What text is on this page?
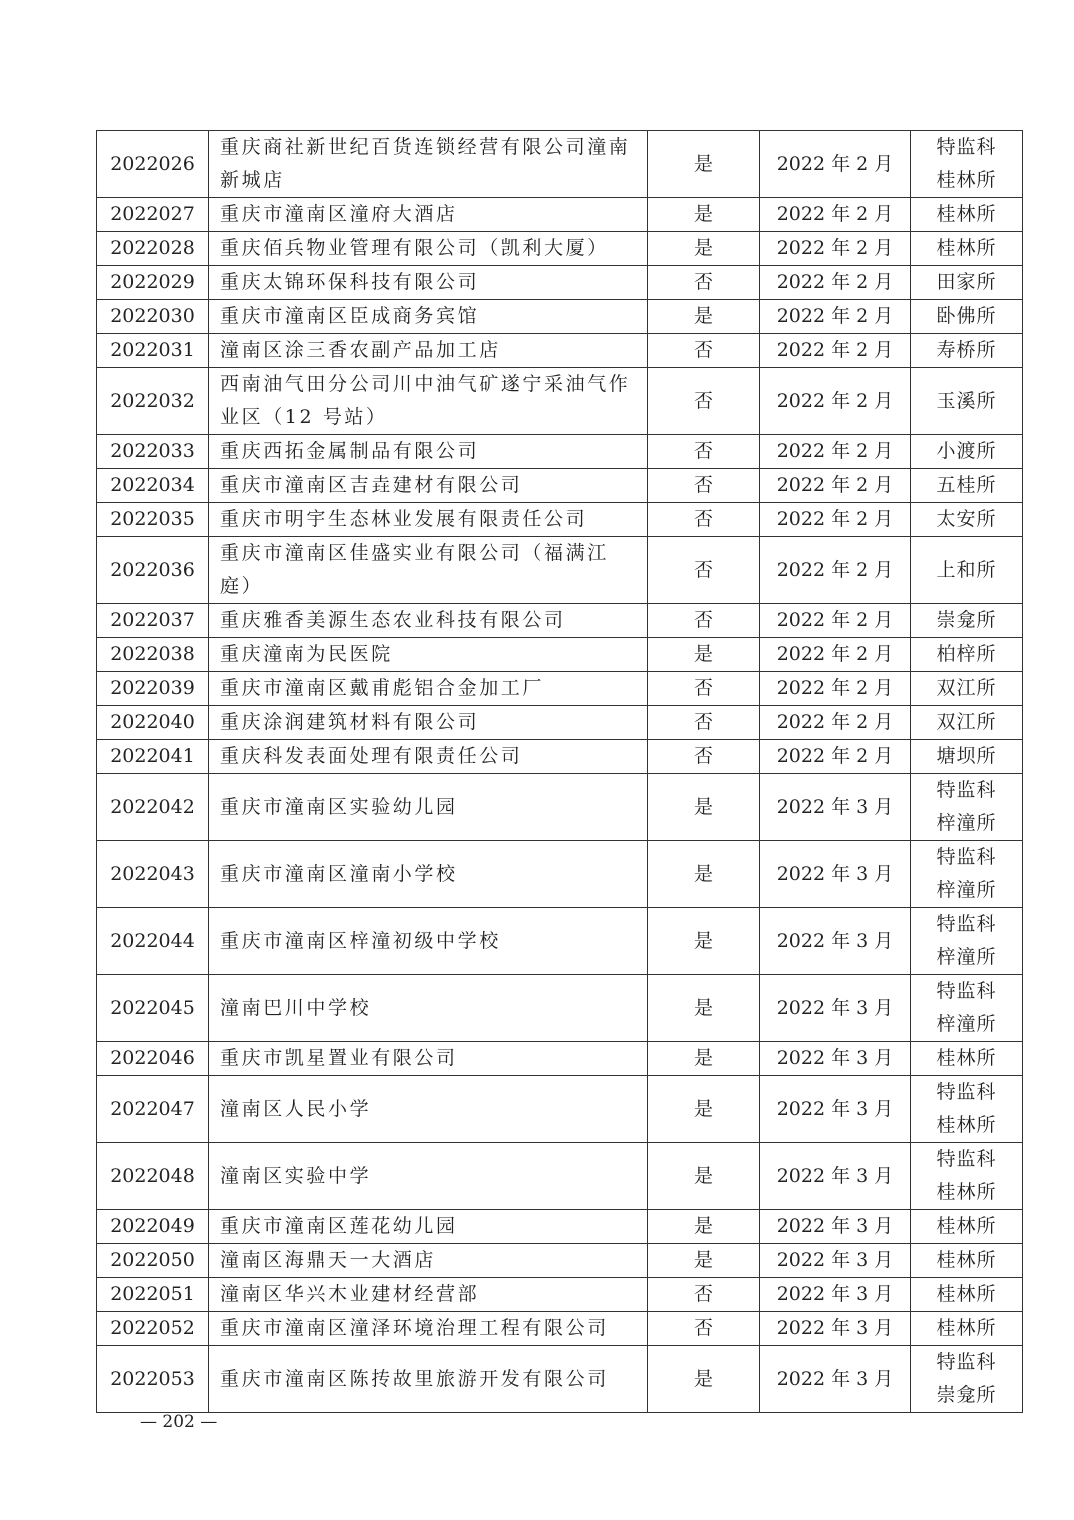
2022026	重庆商社新世纪百货连锁经营有限公司潼南新城店	是	2022 年 2 月	特监科
桂林所

2022027	重庆市潼南区潼府大酒店	是	2022 年 2 月	桂林所

2022028	重庆佰兵物业管理有限公司（凯利大厦）	是	2022 年 2 月	桂林所

2022029	重庆太锦环保科技有限公司	否	2022 年 2 月	田家所

2022030	重庆市潼南区臣成商务宾馆	是	2022 年 2 月	卧佛所

2022031	潼南区涂三香农副产品加工店	否	2022 年 2 月	寿桥所

2022032	西南油气田分公司川中油气矿遂宁采油气作业区（12 号站）	否	2022 年 2 月	玉溪所

2022033	重庆西拓金属制品有限公司	否	2022 年 2 月	小渡所

2022034	重庆市潼南区吉垚建材有限公司	否	2022 年 2 月	五桂所

2022035	重庆市明宇生态林业发展有限责任公司	否	2022 年 2 月	太安所

2022036	重庆市潼南区佳盛实业有限公司（福满江庭）	否	2022 年 2 月	上和所

2022037	重庆雅香美源生态农业科技有限公司	否	2022 年 2 月	崇龛所

2022038	重庆潼南为民医院	是	2022 年 2 月	柏梓所

2022039	重庆市潼南区戴甫彪铝合金加工厂	否	2022 年 2 月	双江所

2022040	重庆涂润建筑材料有限公司	否	2022 年 2 月	双江所

2022041	重庆科发表面处理有限责任公司	否	2022 年 2 月	塘坝所

2022042	重庆市潼南区实验幼儿园	是	2022 年 3 月	特监科
梓潼所

2022043	重庆市潼南区潼南小学校	是	2022 年 3 月	特监科
梓潼所

2022044	重庆市潼南区梓潼初级中学校	是	2022 年 3 月	特监科
梓潼所

2022045	潼南巴川中学校	是	2022 年 3 月	特监科
梓潼所

2022046	重庆市凯星置业有限公司	是	2022 年 3 月	桂林所

2022047	潼南区人民小学	是	2022 年 3 月	特监科
桂林所

2022048	潼南区实验中学	是	2022 年 3 月	特监科
桂林所

2022049	重庆市潼南区莲花幼儿园	是	2022 年 3 月	桂林所

2022050	潼南区海鼎天一大酒店	是	2022 年 3 月	桂林所

2022051	潼南区华兴木业建材经营部	否	2022 年 3 月	桂林所

2022052	重庆市潼南区潼泽环境治理工程有限公司	否	2022 年 3 月	桂林所

2022053	重庆市潼南区陈抟故里旅游开发有限公司	是	2022 年 3 月	特监科
崇龛所
— 202 —
